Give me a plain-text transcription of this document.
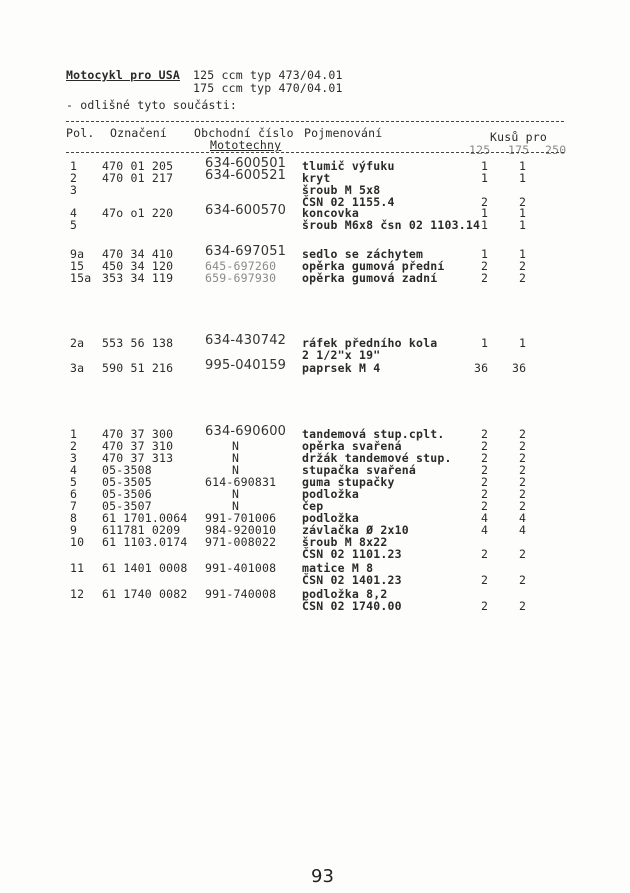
Motocykl pro USA 125 ccm typ 473/04.01
175 ccm typ 470/04.01
- odlišné tyto součásti:
Pol. Označení Obchodní číslo
Mototechny
Pojmenování	Kusů pro
125 175 250
1 470 01 205 634-600501 tlumič výfuku	1	1
2 470 01 217 634-600521 kryt	1	1
3	šroub M 5x8
ČSN 02 1155.4	2	2
4 47o o1 220 634-600570 koncovka	1	1
5	šroub M6x8 čsn 02 1103.14 1	1
9a 470 34 410 634-697051 sedlo se záchytem	1	1
15 450 34 120	645-697260 opěrka gumová přední	2	2
15a 353 34 119	659-697930 opěrka gumová zadní	2	2
2a 553 56 138 634-430742 ráfek předního kola	1	1
2 1/2"x 19"
3a 590 51 216 995-040159 paprsek M 4	36 36
1 470 37 300 634-690600 tandemová stup.cplt.	2	2
2 470 37 310	N	opěrka svařená	2	2
3 470 37 313	N	držák tandemové stup.	2	2
4 05-3508	N	stupačka svařená	2	2
5 05-3505	614-690831 guma stupačky	2	2
6 05-3506	N	podložka	2	2
7 05-3507	N	čep	2	2
8 61 1701.0064 991-701006 podložka	4	4
9 611781 0209 984-920010 závlačka Ø 2x10	4	4
10 61 1103.0174 971-008022 šroub M 8x22
ČSN 02 1101.23	2	2
11 61 1401 0008 991-401008 matice M 8
ČSN 02 1401.23	2	2
12 61 1740 0082 991-740008 podložka 8,2
ČSN 02 1740.00	2	2
93
